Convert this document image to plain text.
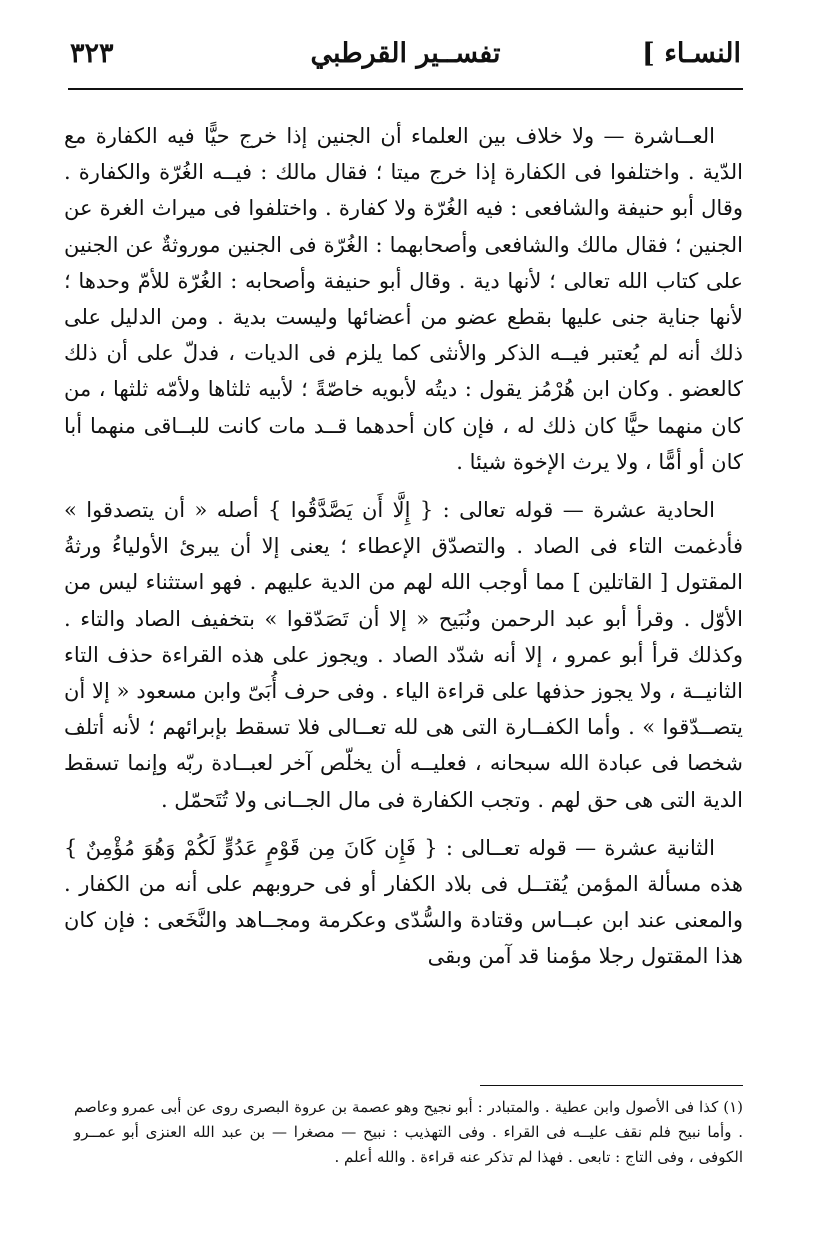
النسـاء ]
تفســير القرطبي
٣٢٣

العــاشرة — ولا خلاف بين العلماء أن الجنين إذا خرج حيًّا فيه الكفارة مع الدّية . واختلفوا فى الكفارة إذا خرج ميتا ؛ فقال مالك : فيــه الغُرّة والكفارة . وقال أبو حنيفة والشافعى : فيه الغُرّة ولا كفارة . واختلفوا فى ميراث الغرة عن الجنين ؛ فقال مالك والشافعى وأصحابهما : الغُرّة فى الجنين موروثةٌ عن الجنين على كتاب الله تعالى ؛ لأنها دية . وقال أبو حنيفة وأصحابه : الغُرّة للأمّ وحدها ؛ لأنها جناية جنى عليها بقطع عضو من أعضائها وليست بدية . ومن الدليل على ذلك أنه لم يُعتبر فيــه الذكر والأنثى كما يلزم فى الديات ، فدلّ على أن ذلك كالعضو . وكان ابن هُرْمُز يقول : ديتُه لأبويه خاصّةً ؛ لأبيه ثلثاها ولأمّه ثلثها ، من كان منهما حيًّا كان ذلك له ، فإن كان أحدهما قــد مات كانت للبــاقى منهما أبا كان أو أمًّا ، ولا يرث الإخوة شيئا .

الحادية عشرة — قوله تعالى : { إِلَّا أَن يَصَّدَّقُوا } أصله « أن يتصدقوا » فأدغمت التاء فى الصاد . والتصدّق الإعطاء ؛ يعنى إلا أن يبرئ الأولياءُ ورثةُ المقتول [ القاتلين ] مما أوجب الله لهم من الدية عليهم . فهو استثناء ليس من الأوّل . وقرأ أبو عبد الرحمن ونُبَيح « إلا أن تَصَدّقوا » بتخفيف الصاد والتاء . وكذلك قرأ أبو عمرو ، إلا أنه شدّد الصاد . ويجوز على هذه القراءة حذف التاء الثانيــة ، ولا يجوز حذفها على قراءة الياء . وفى حرف أُبَىّ وابن مسعود « إلا أن يتصــدّقوا » . وأما الكفــارة التى هى لله تعــالى فلا تسقط بإبرائهم ؛ لأنه أتلف شخصا فى عبادة الله سبحانه ، فعليــه أن يخلّص آخر لعبــادة ربّه وإنما تسقط الدية التى هى حق لهم . وتجب الكفارة فى مال الجــانى ولا تُتَحمّل .

الثانية عشرة — قوله تعــالى : { فَإِن كَانَ مِن قَوْمٍ عَدُوٍّ لَكُمْ وَهُوَ مُؤْمِنٌ } هذه مسألة المؤمن يُقتــل فى بلاد الكفار أو فى حروبهم على أنه من الكفار . والمعنى عند ابن عبــاس وقتادة والسُّدّى وعكرمة ومجــاهد والنَّخَعى : فإن كان هذا المقتول رجلا مؤمنا قد آمن وبقى

(١) كذا فى الأصول وابن عطية . والمتبادر : أبو نجيح وهو عصمة بن عروة البصرى روى عن أبى عمرو وعاصم . وأما نبيح فلم نقف عليــه فى القراء . وفى التهذيب : نبيح — مصغرا — بن عبد الله العنزى أبو عمــرو الكوفى ، وفى التاج : تابعى . فهذا لم تذكر عنه قراءة . والله أعلم .
